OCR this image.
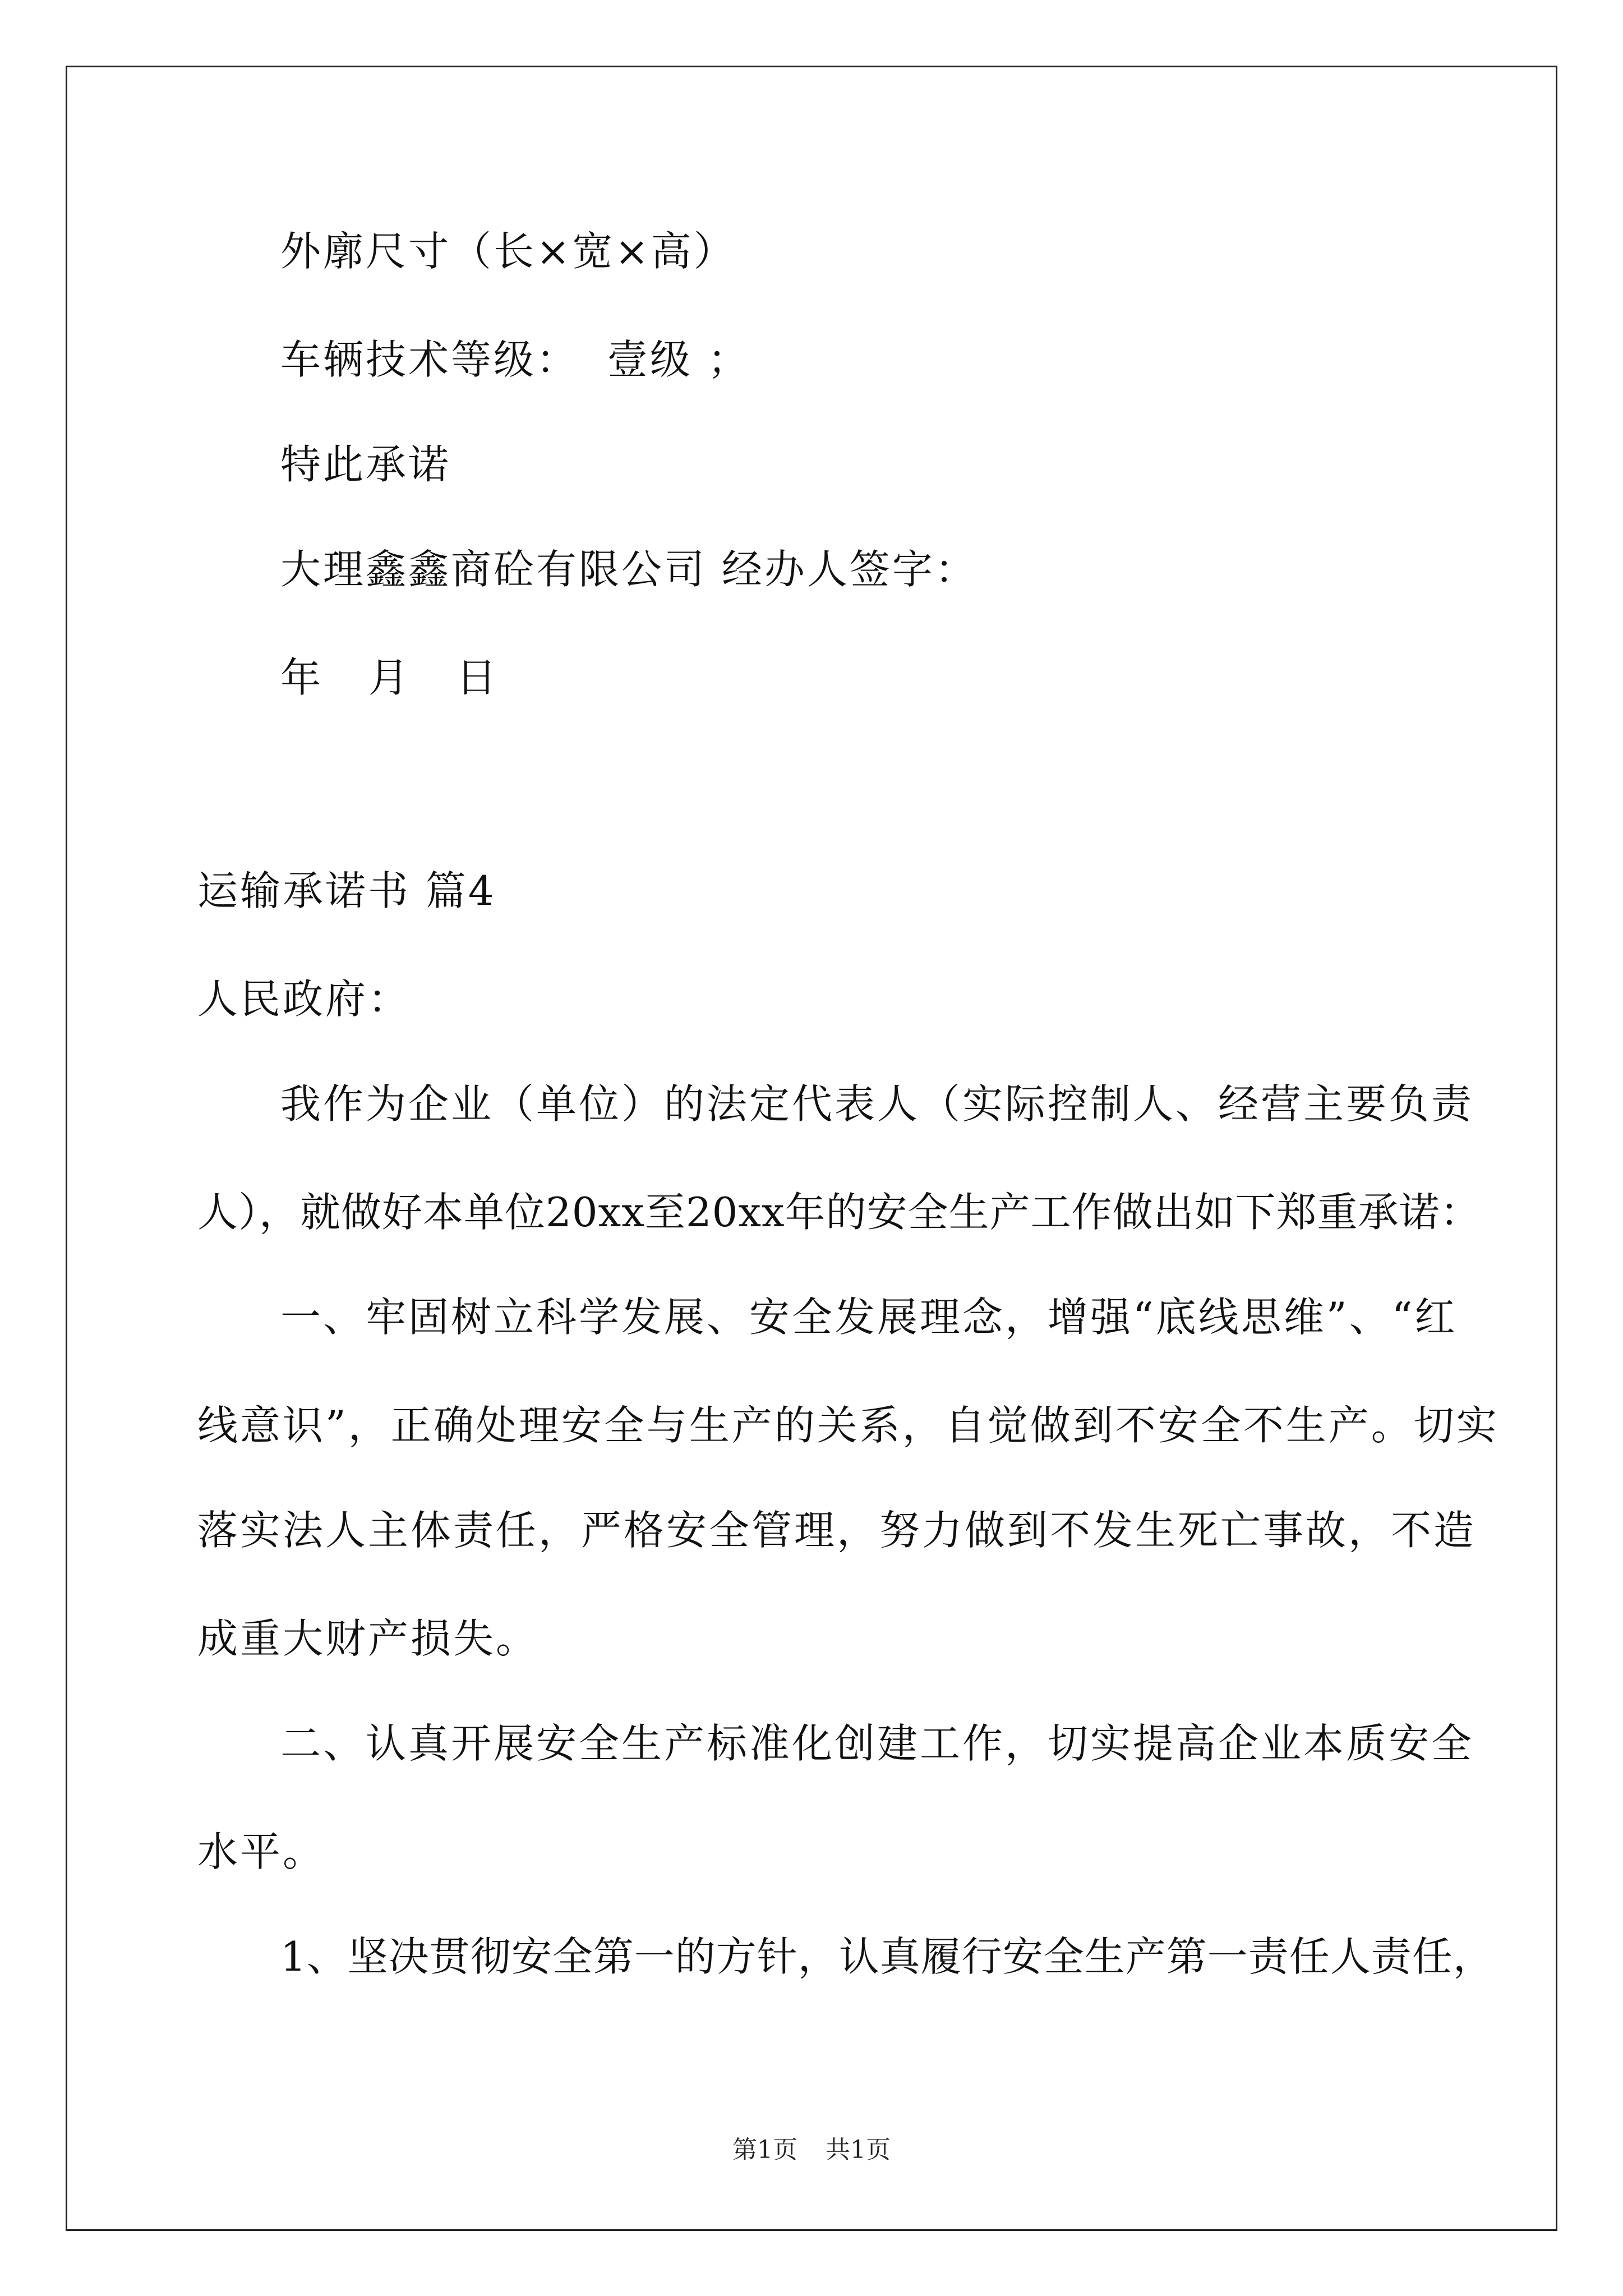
外廓尺寸（长×宽×高）
车辆技术等级： 壹级 ；
特此承诺
大理鑫鑫商砼有限公司 经办人签字：
年   月   日
运输承诺书 篇4
人民政府：
我作为企业（单位）的法定代表人（实际控制人、经营主要负责
人），就做好本单位20xx至20xx年的安全生产工作做出如下郑重承诺：
一、牢固树立科学发展、安全发展理念，增强“底线思维”、“红
线意识”，正确处理安全与生产的关系，自觉做到不安全不生产。切实
落实法人主体责任，严格安全管理，努力做到不发生死亡事故，不造
成重大财产损失。
二、认真开展安全生产标准化创建工作，切实提高企业本质安全
水平。
1、坚决贯彻安全第一的方针，认真履行安全生产第一责任人责任，
第1页 共1页
